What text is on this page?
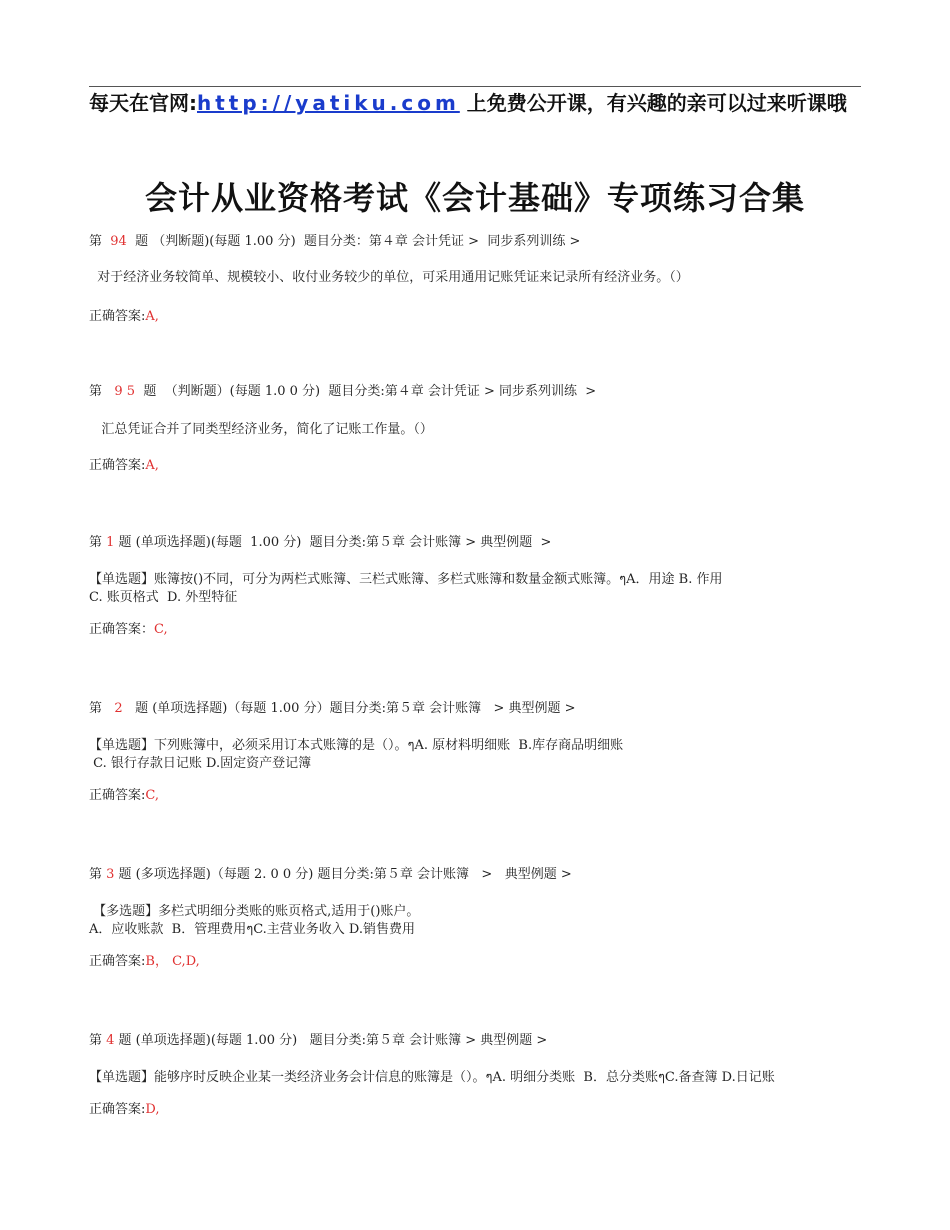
每天在官网:http://yatiku.com 上免费公开课，有兴趣的亲可以过来听课哦
会计从业资格考试《会计基础》专项练习合集
第  94  题 （判断题)(每题 1.00 分)  题目分类：第４章 会计凭证 >  同步系列训练 >
对于经济业务较简单、规模较小、收付业务较少的单位，可采用通用记账凭证来记录所有经济业务。（）
正确答案:A,
第   9 5  题  （判断题）(每题 1.0 0 分)  题目分类:第４章 会计凭证 > 同步系列训练  >
汇总凭证合并了同类型经济业务，简化了记账工作量。（）
正确答案:A,
第 1 题 (单项选择题)(每题  1.00 分)  题目分类:第５章 会计账簿 > 典型例题  >
【单选题】账簿按()不同，可分为两栏式账簿、三栏式账簿、多栏式账簿和数量金额式账簿。ๆA．用途 B. 作用
C. 账页格式  D. 外型特征
正确答案：C,
第   2   题 (单项选择题)（每题 1.00 分）题目分类:第５章 会计账簿   > 典型例题 >
【单选题】下列账簿中，必须采用订本式账簿的是（）。ๆA. 原材料明细账  B.库存商品明细账
C. 银行存款日记账 D.固定资产登记簿
正确答案:C,
第 3 题 (多项选择题)（每题 2. 0 0 分) 题目分类:第５章 会计账簿   >   典型例题 >
【多选题】多栏式明细分类账的账页格式,适用于()账户。
A．应收账款  B．管理费用ๆC.主营业务收入 D.销售费用
正确答案:B， C,D,
第 4 题 (单项选择题)(每题 1.00 分)   题目分类:第５章 会计账簿 > 典型例题 >
【单选题】能够序时反映企业某一类经济业务会计信息的账簿是（）。ๆA. 明细分类账  B．总分类账ๆC.备查簿 D.日记账
正确答案:D,
